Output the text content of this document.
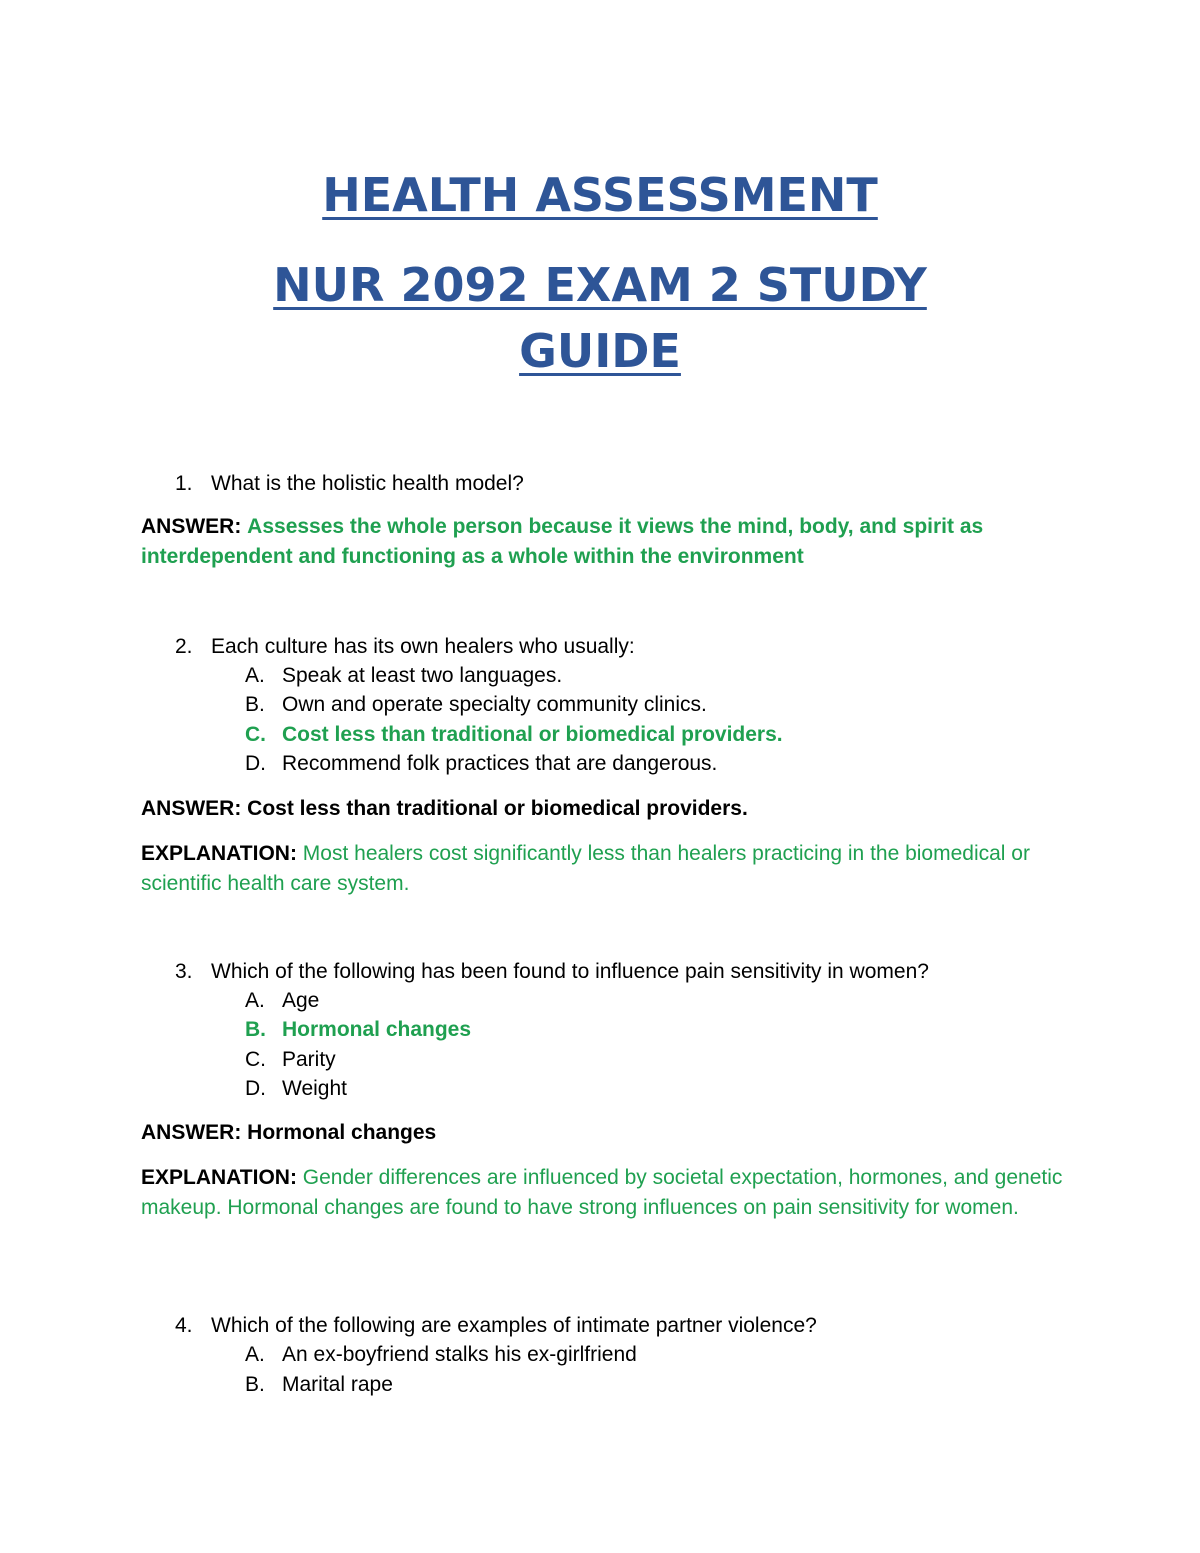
HEALTH ASSESSMENT
NUR 2092 EXAM 2 STUDY
GUIDE
1. What is the holistic health model?
ANSWER: Assesses the whole person because it views the mind, body, and spirit as interdependent and functioning as a whole within the environment
2. Each culture has its own healers who usually:
A. Speak at least two languages.
B. Own and operate specialty community clinics.
C. Cost less than traditional or biomedical providers.
D. Recommend folk practices that are dangerous.
ANSWER: Cost less than traditional or biomedical providers.
EXPLANATION: Most healers cost significantly less than healers practicing in the biomedical or scientific health care system.
3. Which of the following has been found to influence pain sensitivity in women?
A. Age
B. Hormonal changes
C. Parity
D. Weight
ANSWER: Hormonal changes
EXPLANATION: Gender differences are influenced by societal expectation, hormones, and genetic makeup. Hormonal changes are found to have strong influences on pain sensitivity for women.
4. Which of the following are examples of intimate partner violence?
A. An ex-boyfriend stalks his ex-girlfriend
B. Marital rape
